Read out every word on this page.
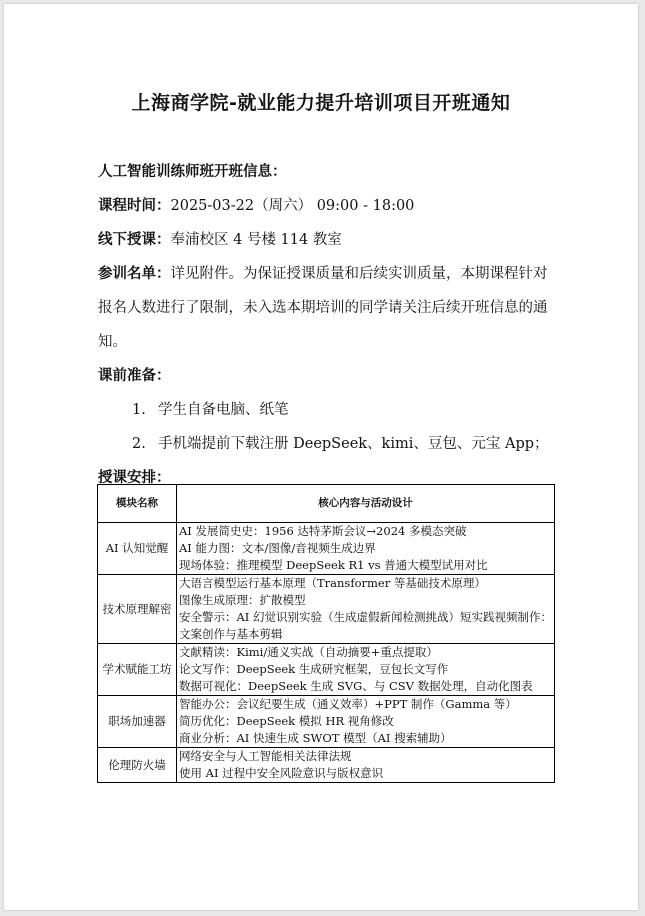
上海商学院-就业能力提升培训项目开班通知
人工智能训练师班开班信息：
课程时间：2025-03-22（周六） 09:00 - 18:00
线下授课：奉浦校区 4 号楼 114 教室

参训名单：详见附件。为保证授课质量和后续实训质量，本期课程针对报名人数进行了限制，未入选本期培训的同学请关注后续开班信息的通知。

课前准备：
1. 学生自备电脑、纸笔
2. 手机端提前下载注册 DeepSeek、kimi、豆包、元宝 App；
授课安排：
模块名称	核心内容与活动设计
AI 认知觉醒	AI 发展简史史：1956 达特茅斯会议→2024 多模态突破
AI 能力图：文本/图像/音视频生成边界
现场体验：推理模型 DeepSeek R1 vs 普通大模型试用对比

技术原理解密	大语言模型运行基本原理（Transformer 等基础技术原理）
图像生成原理：扩散模型
安全警示：AI 幻觉识别实验（生成虚假新闻检测挑战）短实践视频制作：文案创作与基本剪辑

学术赋能工坊	文献精读：Kimi/通义实战（自动摘要+重点提取）
论文写作：DeepSeek 生成研究框架，豆包长文写作
数据可视化：DeepSeek 生成 SVG、与 CSV 数据处理，自动化图表

职场加速器	智能办公：会议纪要生成（通义效率）+PPT 制作（Gamma 等）
简历优化：DeepSeek 模拟 HR 视角修改
商业分析：AI 快速生成 SWOT 模型（AI 搜索辅助）

伦理防火墙	网络安全与人工智能相关法律法规
使用 AI 过程中安全风险意识与版权意识
